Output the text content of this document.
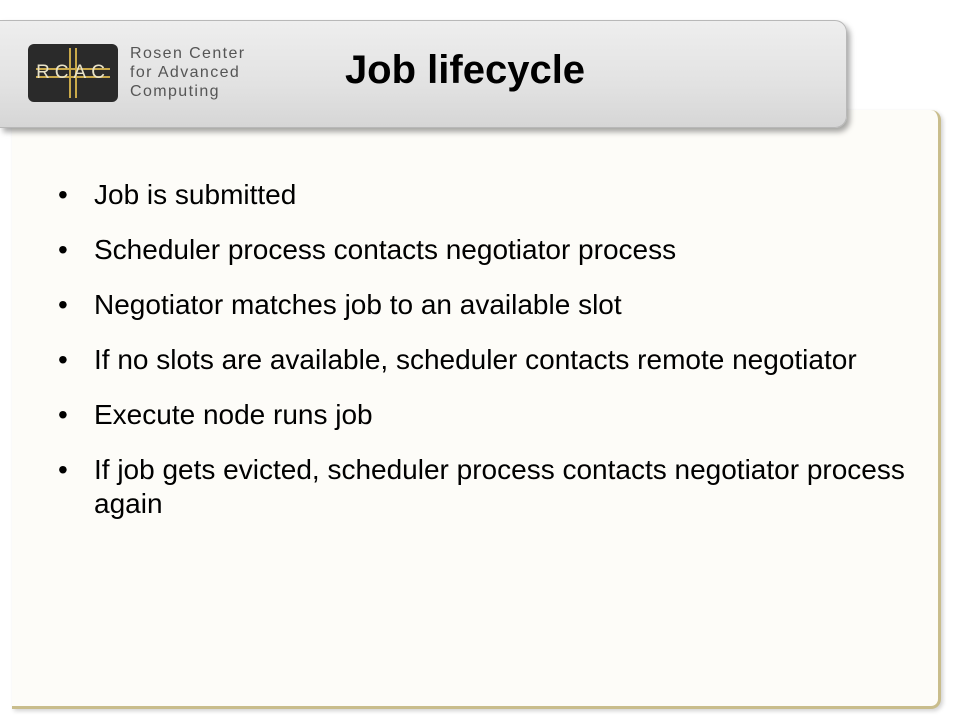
RCAC
Rosen Center
for Advanced
Computing	Job lifecycle
• Job is submitted
• Scheduler process contacts negotiator process
• Negotiator matches job to an available slot
• If no slots are available, scheduler contacts remote negotiator
• Execute node runs job
• If job gets evicted, scheduler process contacts negotiator process again
